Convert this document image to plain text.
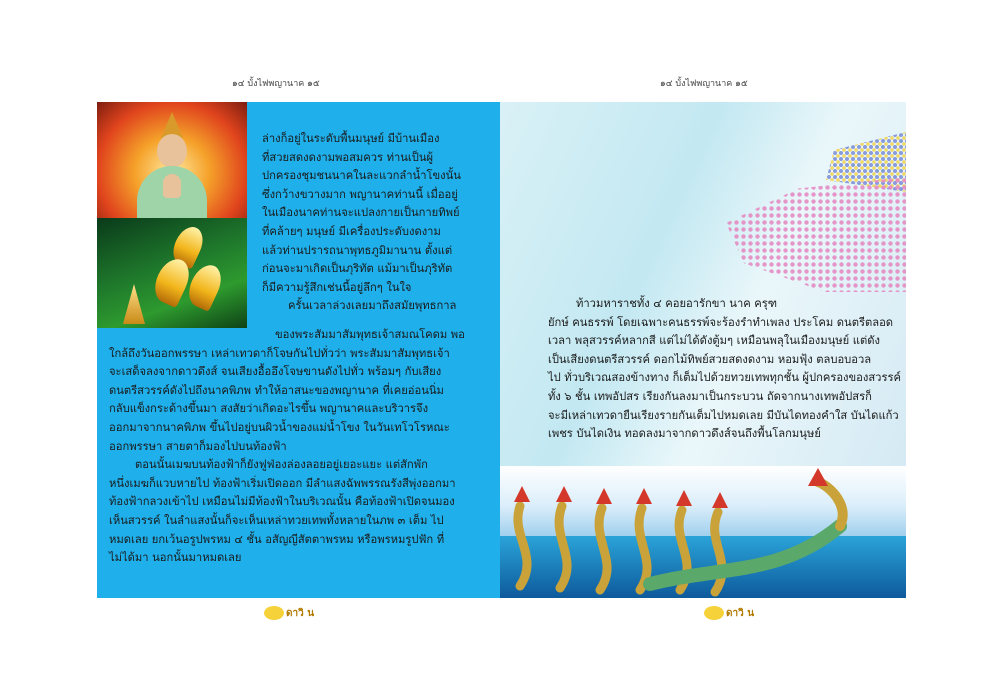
๑๔ บั้งไฟพญานาค ๑๕

ล่างก็อยู่ในระดับพื้นมนุษย์ มีบ้านเมือง

ที่สวยสดงดงามพอสมควร ท่านเป็นผู้

ปกครองชุมชนนาคในละแวกลำน้ำโขงนั้น

ซึ่งกว้างขวางมาก พญานาคท่านนี้ เมื่ออยู่

ในเมืองนาคท่านจะแปลงกายเป็นกายทิพย์

ที่คล้ายๆ มนุษย์ มีเครื่องประดับงดงาม

แล้วท่านปรารถนาพุทธภูมิมานาน ตั้งแต่

ก่อนจะมาเกิดเป็นภุริทัต แม้มาเป็นภุริทัต

ก็มีความรู้สึกเช่นนี้อยู่ลึกๆ ในใจ

ครั้นเวลาล่วงเลยมาถึงสมัยพุทธกาล

ของพระสัมมาสัมพุทธเจ้าสมณโคดม พอ

ใกล้ถึงวันออกพรรษา เหล่าเทวดาก็โจษกันไปทั่วว่า พระสัมมาสัมพุทธเจ้า

จะเสด็จลงจากดาวดึงส์ จนเสียงอื้ออึงโจษขานดังไปทั่ว พร้อมๆ กับเสียง

ดนตรีสวรรค์ดังไปถึงนาคพิภพ ทำให้อาสนะของพญานาค ที่เคยอ่อนนิ่ม

กลับแข็งกระด้างขึ้นมา สงสัยว่าเกิดอะไรขึ้น พญานาคและบริวารจึง

ออกมาจากนาคพิภพ ขึ้นไปอยู่บนผิวน้ำของแม่น้ำโขง ในวันเทโวโรหณะ

ออกพรรษา สายตาก็มองไปบนท้องฟ้า

ตอนนั้นเมฆบนท้องฟ้าก็ยังฟูฟ่องล่องลอยอยู่เยอะแยะ แต่สักพัก

หนึ่งเมฆก็แวบหายไป ท้องฟ้าเริ่มเปิดออก มีลำแสงฉัพพรรณรังสีพุ่งออกมา

ท้องฟ้ากลวงเข้าไป เหมือนไม่มีท้องฟ้าในบริเวณนั้น คือท้องฟ้าเปิดจนมอง

เห็นสวรรค์ ในลำแสงนั้นก็จะเห็นเหล่าทวยเทพทั้งหลายในภพ ๓ เต็ม ไป

หมดเลย ยกเว้นอรูปพรหม ๔ ชั้น อสัญญีสัตตาพรหม หรือพรหมรูปฟัก ที่

ไม่ได้มา นอกนั้นมาหมดเลย

ดาวิ น
๑๔ บั้งไฟพญานาค ๑๕

ท้าวมหาราชทั้ง ๔ คอยอารักขา นาค ครุฑ

ยักษ์ คนธรรพ์ โดยเฉพาะคนธรรพ์จะร้องรำทำเพลง ประโคม ดนตรีตลอด

เวลา พลุสวรรค์หลากสี แต่ไม่ได้ดังตู้มๆ เหมือนพลุในเมืองมนุษย์ แต่ดัง

เป็นเสียงดนตรีสวรรค์ ดอกไม้ทิพย์สวยสดงดงาม หอมฟุ้ง ตลบอบอวล

ไป ทั่วบริเวณสองข้างทาง ก็เต็มไปด้วยทวยเทพทุกชั้น ผู้ปกครองของสวรรค์

ทั้ง ๖ ชั้น เทพอัปสร เรียงกันลงมาเป็นกระบวน ถัดจากนางเทพอัปสรก็

จะมีเหล่าเทวดายืนเรียงรายกันเต็มไปหมดเลย มีบันไดทองคำใส บันไดแก้ว

เพชร บันไดเงิน ทอดลงมาจากดาวดึงส์จนถึงพื้นโลกมนุษย์

ดาวิ น
